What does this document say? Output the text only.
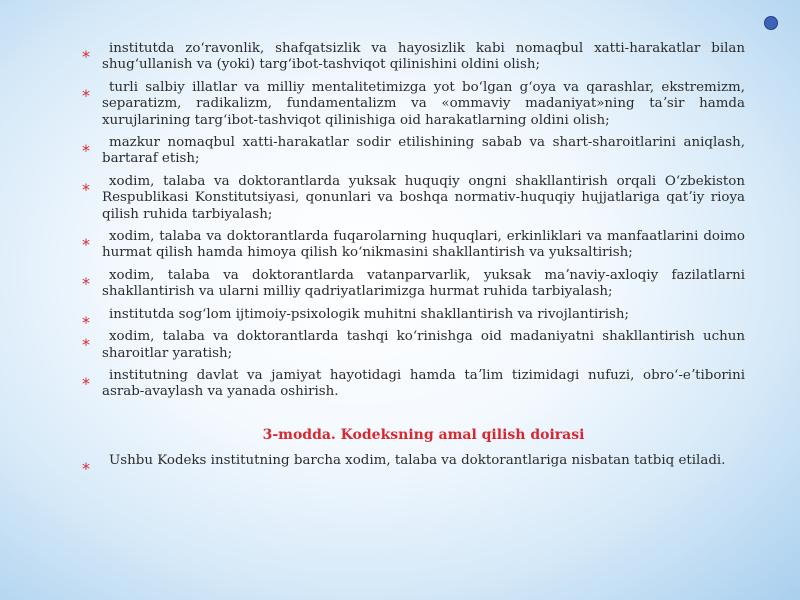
*	institutda zoʻravonlik, shafqatsizlik va hayosizlik kabi nomaqbul xatti-harakatlar bilan shugʻullanish va (yoki) targʻibot-tashviqot qilinishini oldini olish;
*	turli salbiy illatlar va milliy mentalitetimizga yot boʻlgan gʻoya va qarashlar, ekstremizm, separatizm, radikalizm, fundamentalizm va «ommaviy madaniyat»ning taʼsir hamda xurujlarining targʻibot-tashviqot qilinishiga oid harakatlarning oldini olish;
*	mazkur nomaqbul xatti-harakatlar sodir etilishining sabab va shart-sharoitlarini aniqlash, bartaraf etish;
*	xodim, talaba va doktorantlarda yuksak huquqiy ongni shakllantirish orqali Oʻzbekiston Respublikasi Konstitutsiyasi, qonunlari va boshqa normativ-huquqiy hujjatlariga qatʼiy rioya qilish ruhida tarbiyalash;
*	xodim, talaba va doktorantlarda fuqarolarning huquqlari, erkinliklari va manfaatlarini doimo hurmat qilish hamda himoya qilish koʻnikmasini shakllantirish va yuksaltirish;
*	xodim, talaba va doktorantlarda vatanparvarlik, yuksak maʼnaviy-axloqiy fazilatlarni shakllantirish va ularni milliy qadriyatlarimizga hurmat ruhida tarbiyalash;
*	institutda sogʻlom ijtimoiy-psixologik muhitni shakllantirish va rivojlantirish;
*	xodim, talaba va doktorantlarda tashqi koʻrinishga oid madaniyatni shakllantirish uchun sharoitlar yaratish;
*	institutning davlat va jamiyat hayotidagi hamda taʼlim tizimidagi nufuzi, obroʻ-eʼtiborini asrab-avaylash va yanada oshirish.
3-modda. Kodeksning amal qilish doirasi
*	Ushbu Kodeks institutning barcha xodim, talaba va doktorantlariga nisbatan tatbiq etiladi.
